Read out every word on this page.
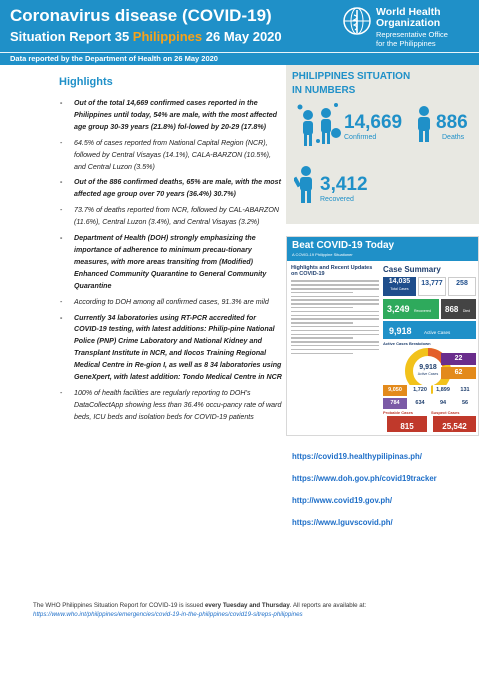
Coronavirus disease (COVID-19)
Situation Report 35 Philippines 26 May 2020
World Health
Organization
Representative Office
for the Philippines
Data reported by the Department of Health on 26 May 2020
Highlights
- Out of the total 14,669 confirmed cases reported in the Philippines until today, 54% are male, with the most affected age group 30-39 years (21.8%) fol-lowed by 20-29 (17.8%)
- 64.5% of cases reported from National Capital Region (NCR), followed by Central Visayas (14.1%), CALA-BARZON (10.5%), and Central Luzon (3.5%)
- Out of the 886 confirmed deaths, 65% are male, with the most affected age group over 70 years (36.4%) 30.7%)
- 73.7% of deaths reported from NCR, followed by CAL-ABARZON (11.6%), Central Luzon (3.4%), and Central Visayas (3.2%)
- Department of Health (DOH) strongly emphasizing the importance of adherence to minimum precau-tionary measures, with more areas transiting from (Modified) Enhanced Community Quarantine to General Community Quarantine
- According to DOH among all confirmed cases, 91.3% are mild
- Currently 34 laboratories using RT-PCR accredited for COVID-19 testing, with latest additions: Philip-pine National Police (PNP) Crime Laboratory and National Kidney and Transplant Institute in NCR, and Ilocos Training Regional Medical Centre in Re-gion I, as well as 8 34 laboratories using GeneXpert, with latest addition: Tondo Medical Centre in NCR
- 100% of health facilities are regularly reporting to DOH’s DataCollectApp showing less than 36.4% occu-pancy rate of ward beds, ICU beds and isolation beds for COVID-19 patients
PHILIPPINES SITUATION
IN NUMBERS
14,669
Confirmed
886
Deaths
3,412
Recovered
Beat COVID-19 Today
A COVID-19 Philippine Situationer
Highlights and Recent Updates on COVID-19
Case Summary
14,035
Total Cases
13,777	258
3,249 Recovered	868 Died
9,918	Active Cases
Active Cases Breakdown
9,918
Active Cases
784	634	94	56
9,050	1,720	1,899	131
62
22
Probable Cases
815
Suspect Cases
25,542
https://covid19.healthypilipinas.ph/
https://www.doh.gov.ph/covid19tracker
http://www.covid19.gov.ph/
https://www.lguvscovid.ph/
The WHO Philippines Situation Report for COVID-19 is issued every Tuesday and Thursday. All reports are available at: https://www.who.int/philippines/emergencies/covid-19-in-the-philippines/covid19-sitreps-philippines
